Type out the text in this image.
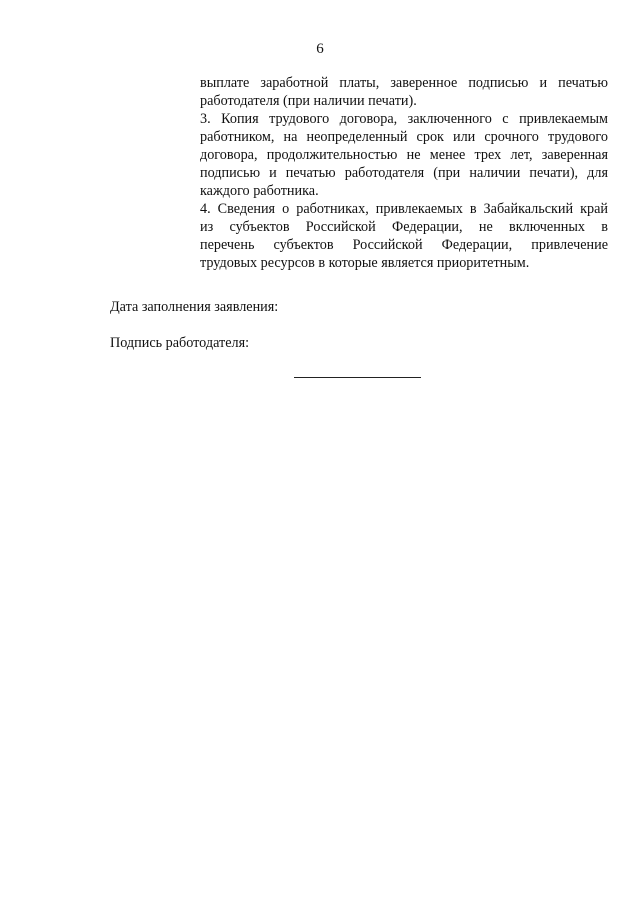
6
выплате заработной платы, заверенное подписью и печатью
работодателя (при наличии печати).
3. Копия трудового договора, заключенного с привлекаемым
работником, на неопределенный срок или срочного трудового
договора, продолжительностью не менее трех лет, заверенная
подписью и печатью работодателя (при наличии печати), для
каждого работника.
4. Сведения о работниках, привлекаемых в Забайкальский край
из субъектов Российской Федерации, не включенных в
перечень субъектов Российской Федерации, привлечение
трудовых ресурсов в которые является приоритетным.
Дата заполнения заявления:
Подпись работодателя:
